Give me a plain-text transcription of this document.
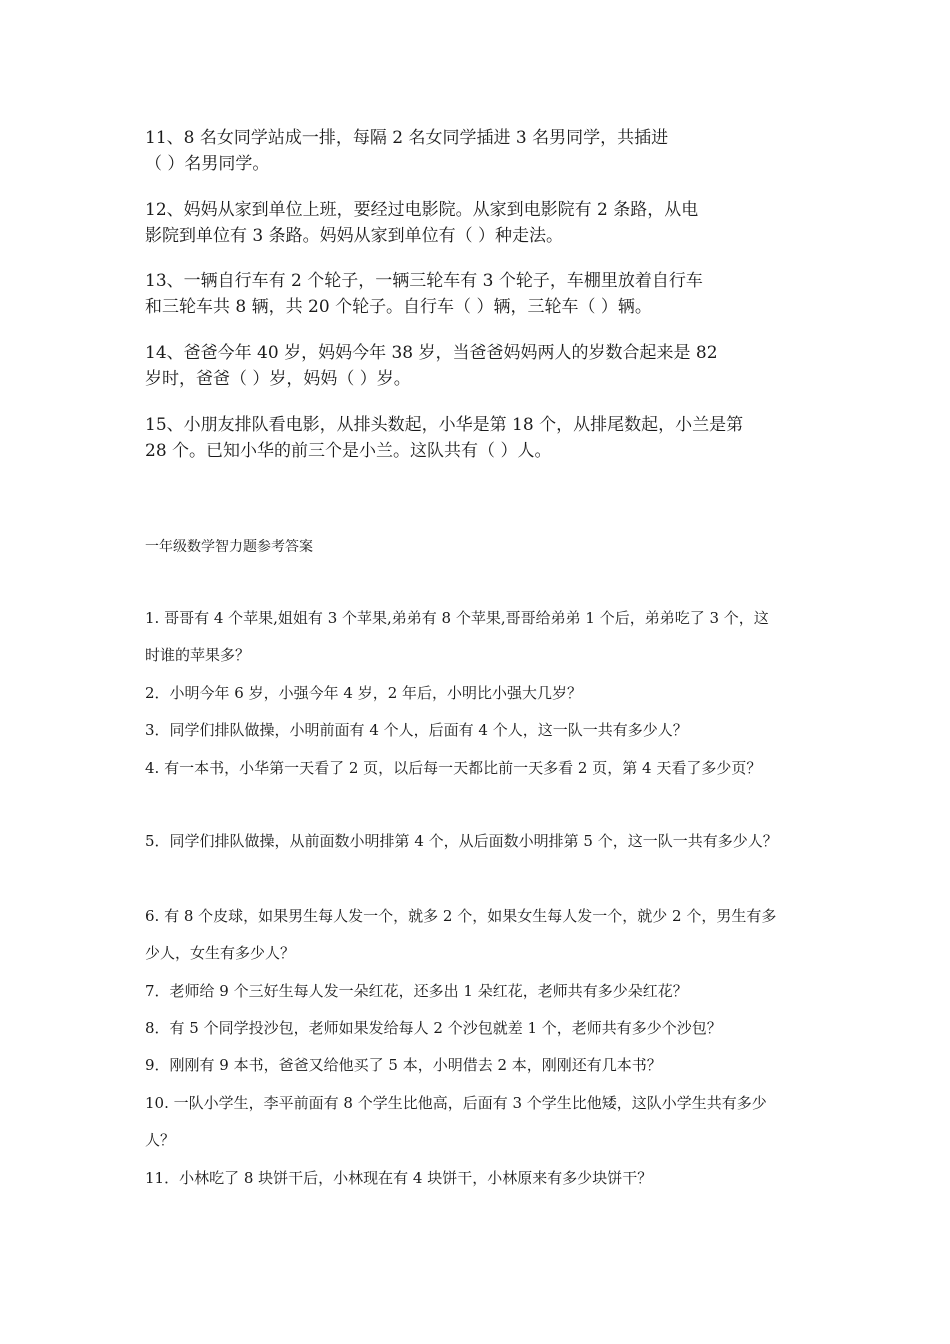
11、8 名女同学站成一排，每隔 2 名女同学插进 3 名男同学，共插进

（ ）名男同学。

12、妈妈从家到单位上班，要经过电影院。从家到电影院有 2 条路，从电

影院到单位有 3 条路。妈妈从家到单位有（ ）种走法。

13、一辆自行车有 2 个轮子，一辆三轮车有 3 个轮子，车棚里放着自行车

和三轮车共 8 辆，共 20 个轮子。自行车（ ）辆，三轮车（ ）辆。

14、爸爸今年 40 岁，妈妈今年 38 岁，当爸爸妈妈两人的岁数合起来是 82

岁时，爸爸（ ）岁，妈妈（ ）岁。

15、小朋友排队看电影，从排头数起，小华是第 18 个，从排尾数起，小兰是第

28 个。已知小华的前三个是小兰。这队共有（ ）人。

一年级数学智力题参考答案

1. 哥哥有 4 个苹果,姐姐有 3 个苹果,弟弟有 8 个苹果,哥哥给弟弟 1 个后，弟弟吃了 3 个，这

时谁的苹果多？

2．小明今年 6 岁，小强今年 4 岁，2 年后，小明比小强大几岁？

3．同学们排队做操，小明前面有 4 个人，后面有 4 个人，这一队一共有多少人？

4. 有一本书，小华第一天看了 2 页，以后每一天都比前一天多看 2 页，第 4 天看了多少页？

5．同学们排队做操，从前面数小明排第 4 个，从后面数小明排第 5 个，这一队一共有多少人？

6. 有 8 个皮球，如果男生每人发一个，就多 2 个，如果女生每人发一个，就少 2 个，男生有多

少人，女生有多少人？

7．老师给 9 个三好生每人发一朵红花，还多出 1 朵红花，老师共有多少朵红花？

8．有 5 个同学投沙包，老师如果发给每人 2 个沙包就差 1 个，老师共有多少个沙包？

9．刚刚有 9 本书，爸爸又给他买了 5 本，小明借去 2 本，刚刚还有几本书？

10. 一队小学生，李平前面有 8 个学生比他高，后面有 3 个学生比他矮，这队小学生共有多少

人？

11．小林吃了 8 块饼干后，小林现在有 4 块饼干，小林原来有多少块饼干？
